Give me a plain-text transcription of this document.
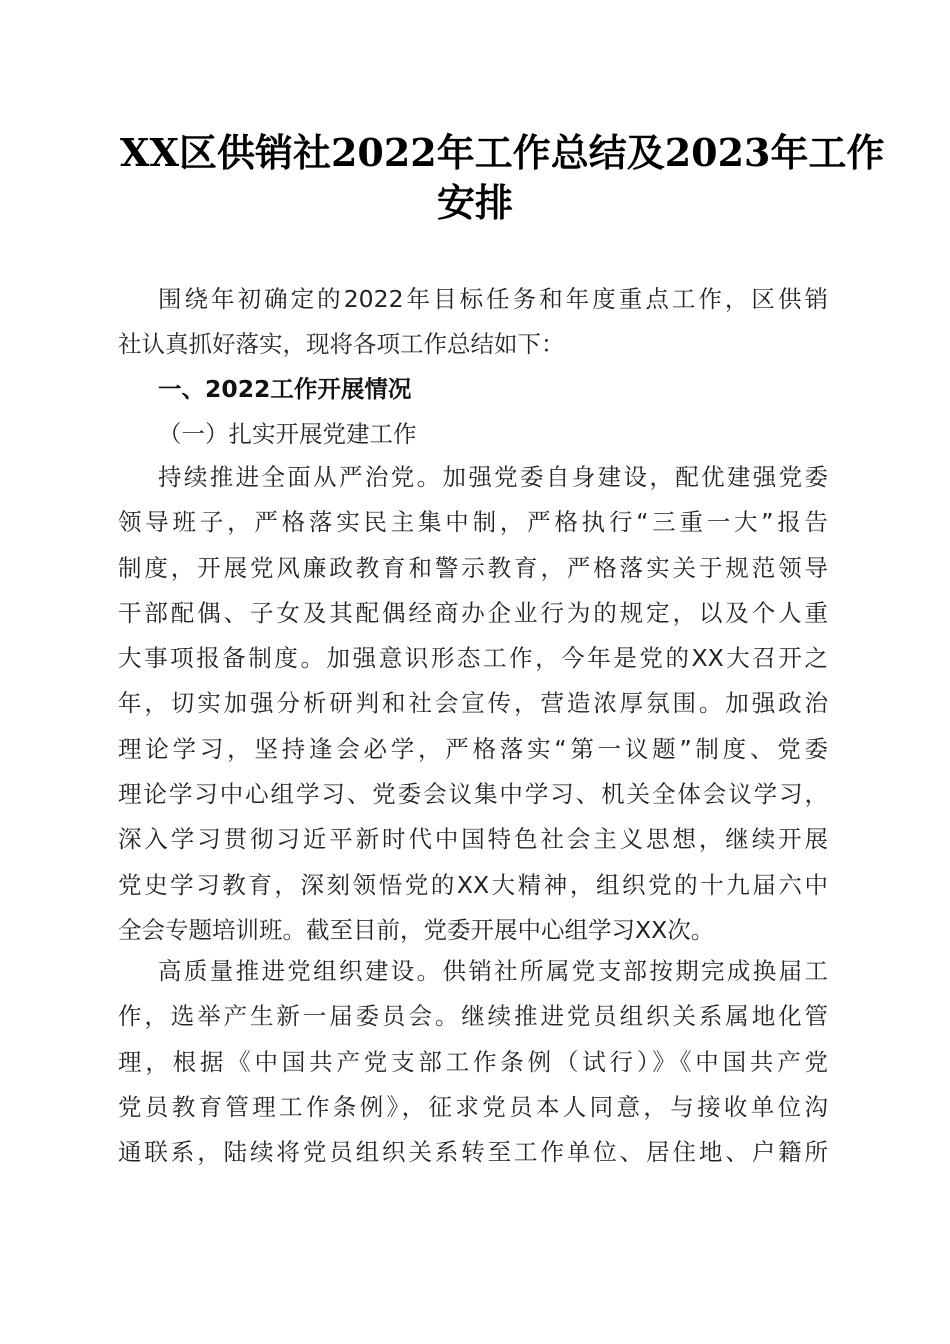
XX区供销社2022年工作总结及2023年工作
安排
围绕年初确定的2022年目标任务和年度重点工作，区供销
社认真抓好落实，现将各项工作总结如下：
一、2022工作开展情况
（一）扎实开展党建工作
持续推进全面从严治党。加强党委自身建设，配优建强党委
领导班子，严格落实民主集中制，严格执行“三重一大”报告
制度，开展党风廉政教育和警示教育，严格落实关于规范领导
干部配偶、子女及其配偶经商办企业行为的规定，以及个人重
大事项报备制度。加强意识形态工作，今年是党的XX大召开之
年，切实加强分析研判和社会宣传，营造浓厚氛围。加强政治
理论学习，坚持逢会必学，严格落实“第一议题”制度、党委
理论学习中心组学习、党委会议集中学习、机关全体会议学习，
深入学习贯彻习近平新时代中国特色社会主义思想，继续开展
党史学习教育，深刻领悟党的XX大精神，组织党的十九届六中
全会专题培训班。截至目前，党委开展中心组学习XX次。
高质量推进党组织建设。供销社所属党支部按期完成换届工
作，选举产生新一届委员会。继续推进党员组织关系属地化管
理，根据《中国共产党支部工作条例（试行）》《中国共产党
党员教育管理工作条例》，征求党员本人同意，与接收单位沟
通联系，陆续将党员组织关系转至工作单位、居住地、户籍所
